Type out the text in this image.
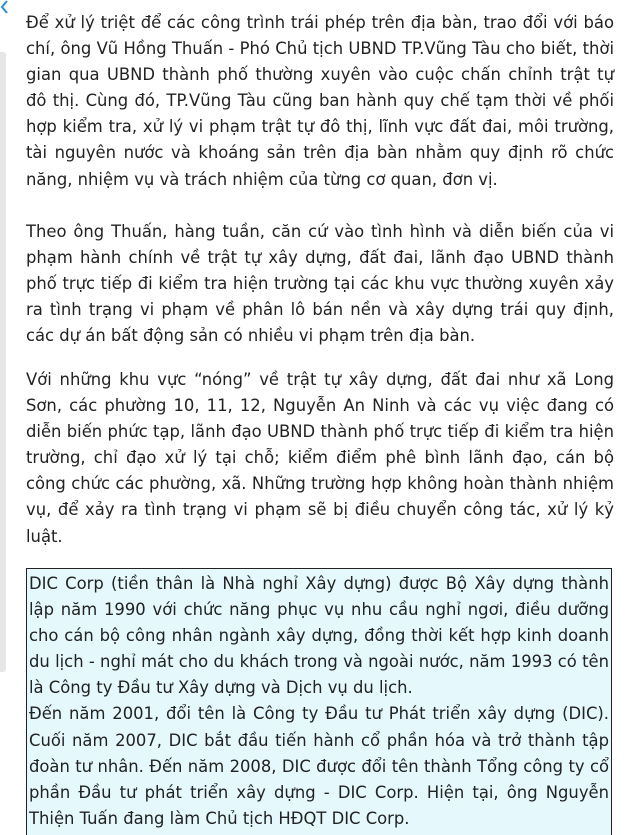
Để xử lý triệt để các công trình trái phép trên địa bàn, trao đổi với báo chí, ông Vũ Hồng Thuấn - Phó Chủ tịch UBND TP.Vũng Tàu cho biết, thời gian qua UBND thành phố thường xuyên vào cuộc chấn chỉnh trật tự đô thị. Cùng đó, TP.Vũng Tàu cũng ban hành quy chế tạm thời về phối hợp kiểm tra, xử lý vi phạm trật tự đô thị, lĩnh vực đất đai, môi trường, tài nguyên nước và khoáng sản trên địa bàn nhằm quy định rõ chức năng, nhiệm vụ và trách nhiệm của từng cơ quan, đơn vị.

Theo ông Thuấn, hàng tuần, căn cứ vào tình hình và diễn biến của vi phạm hành chính về trật tự xây dựng, đất đai, lãnh đạo UBND thành phố trực tiếp đi kiểm tra hiện trường tại các khu vực thường xuyên xảy ra tình trạng vi phạm về phân lô bán nền và xây dựng trái quy định, các dự án bất động sản có nhiều vi phạm trên địa bàn.

Với những khu vực “nóng” về trật tự xây dựng, đất đai như xã Long Sơn, các phường 10, 11, 12, Nguyễn An Ninh và các vụ việc đang có diễn biến phức tạp, lãnh đạo UBND thành phố trực tiếp đi kiểm tra hiện trường, chỉ đạo xử lý tại chỗ; kiểm điểm phê bình lãnh đạo, cán bộ công chức các phường, xã. Những trường hợp không hoàn thành nhiệm vụ, để xảy ra tình trạng vi phạm sẽ bị điều chuyển công tác, xử lý kỷ luật.

DIC Corp (tiền thân là Nhà nghỉ Xây dựng) được Bộ Xây dựng thành lập năm 1990 với chức năng phục vụ nhu cầu nghỉ ngơi, điều dưỡng cho cán bộ công nhân ngành xây dựng, đồng thời kết hợp kinh doanh du lịch - nghỉ mát cho du khách trong và ngoài nước, năm 1993 có tên là Công ty Đầu tư Xây dựng và Dịch vụ du lịch.

Đến năm 2001, đổi tên là Công ty Đầu tư Phát triển xây dựng (DIC). Cuối năm 2007, DIC bắt đầu tiến hành cổ phần hóa và trở thành tập đoàn tư nhân. Đến năm 2008, DIC được đổi tên thành Tổng công ty cổ phần Đầu tư phát triển xây dựng - DIC Corp. Hiện tại, ông Nguyễn Thiện Tuấn đang làm Chủ tịch HĐQT DIC Corp.
